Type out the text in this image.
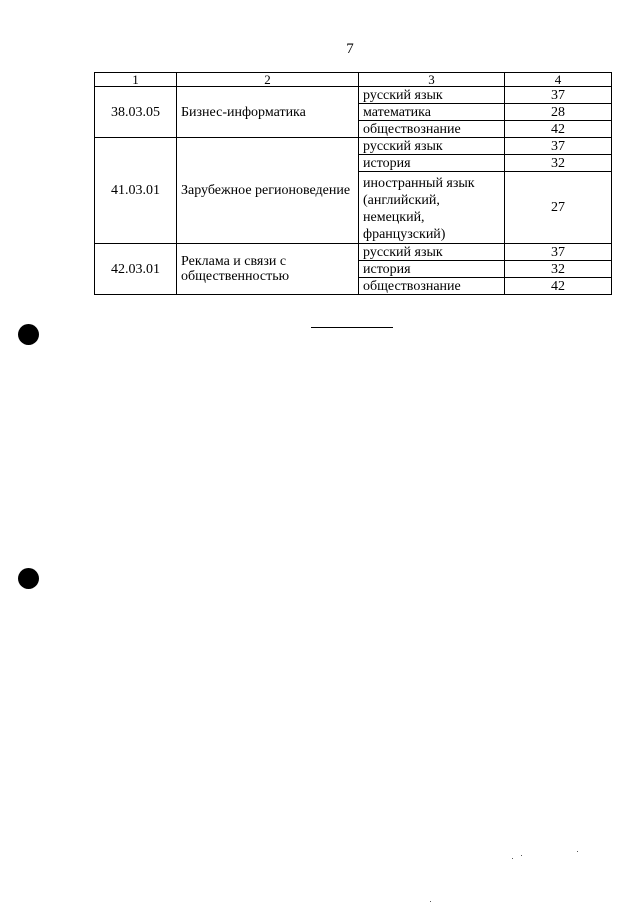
7
1	2	3	4
38.03.05	Бизнес-информатика	русский язык	37
		математика	28
		обществознание	42
41.03.01	Зарубежное регионоведение	русский язык	37
		история	32
		иностранный язык (английский, немецкий, французский)	27
42.03.01	Реклама и связи с общественностью	русский язык	37
		история	32
		обществознание	42
